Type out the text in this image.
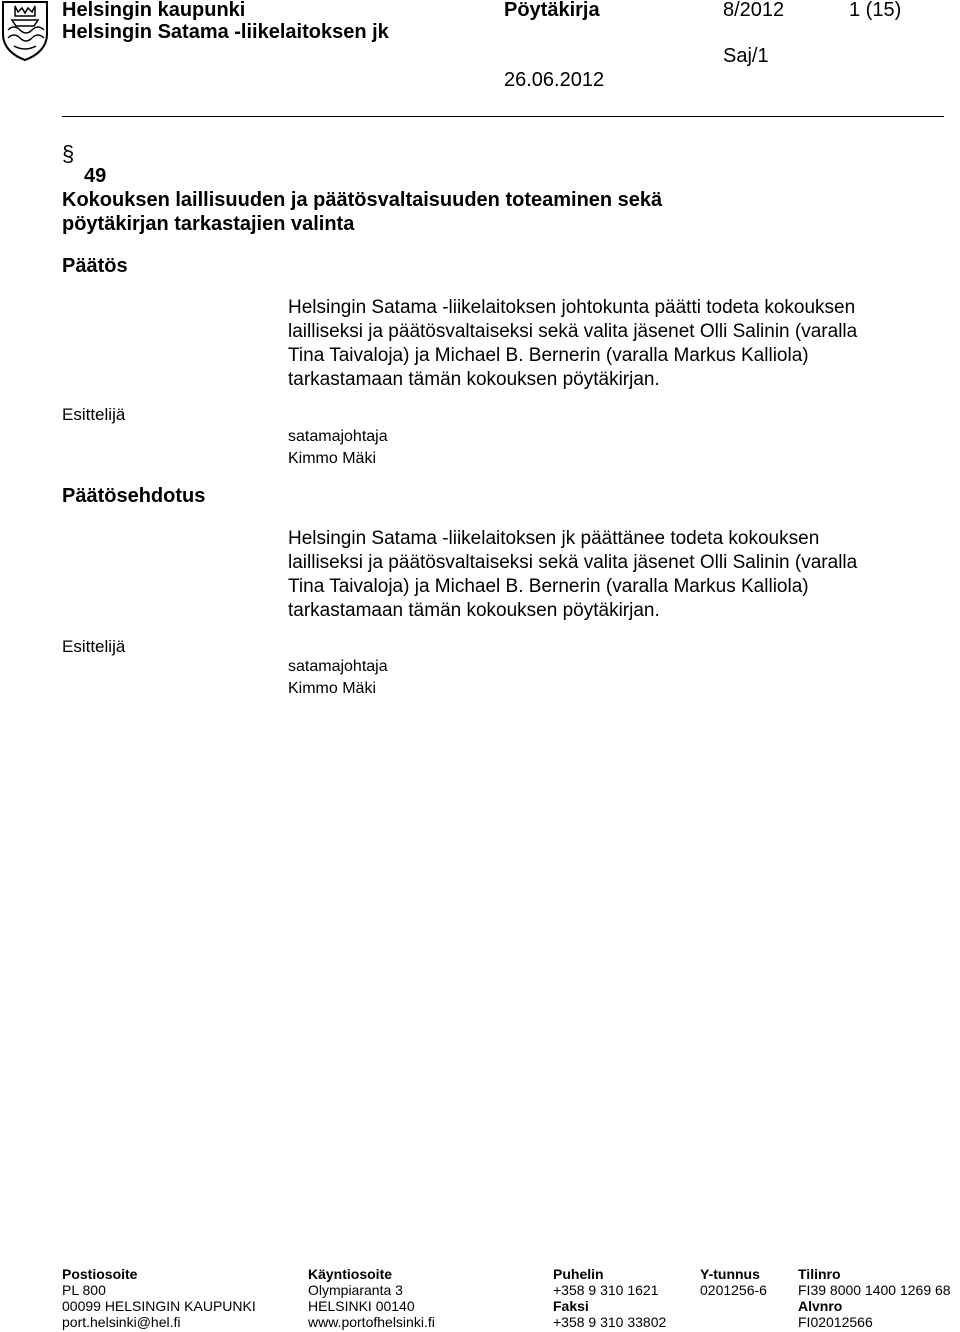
Helsingin kaupunki
Helsingin Satama -liikelaitoksen jk
Pöytäkirja	8/2012	1 (15)
Saj/1
26.06.2012
§
49
Kokouksen laillisuuden ja päätösvaltaisuuden toteaminen sekä
pöytäkirjan tarkastajien valinta
Päätös
Helsingin Satama -liikelaitoksen johtokunta päätti todeta kokouksen
lailliseksi ja päätösvaltaiseksi sekä valita jäsenet Olli Salinin (varalla
Tina Taivaloja) ja Michael B. Bernerin (varalla Markus Kalliola)
tarkastamaan tämän kokouksen pöytäkirjan.
Esittelijä
satamajohtaja
Kimmo Mäki
Päätösehdotus
Helsingin Satama -liikelaitoksen jk päättänee todeta kokouksen
lailliseksi ja päätösvaltaiseksi sekä valita jäsenet Olli Salinin (varalla
Tina Taivaloja) ja Michael B. Bernerin (varalla Markus Kalliola)
tarkastamaan tämän kokouksen pöytäkirjan.
Esittelijä
satamajohtaja
Kimmo Mäki
Postiosoite
PL 800
00099 HELSINGIN KAUPUNKI
port.helsinki@hel.fi
Käyntiosoite
Olympiaranta 3
HELSINKI 00140
www.portofhelsinki.fi
Puhelin
+358 9 310 1621
Faksi
+358 9 310 33802
Y-tunnus
0201256-6
Tilinro
FI39 8000 1400 1269 68
Alvnro
FI02012566
